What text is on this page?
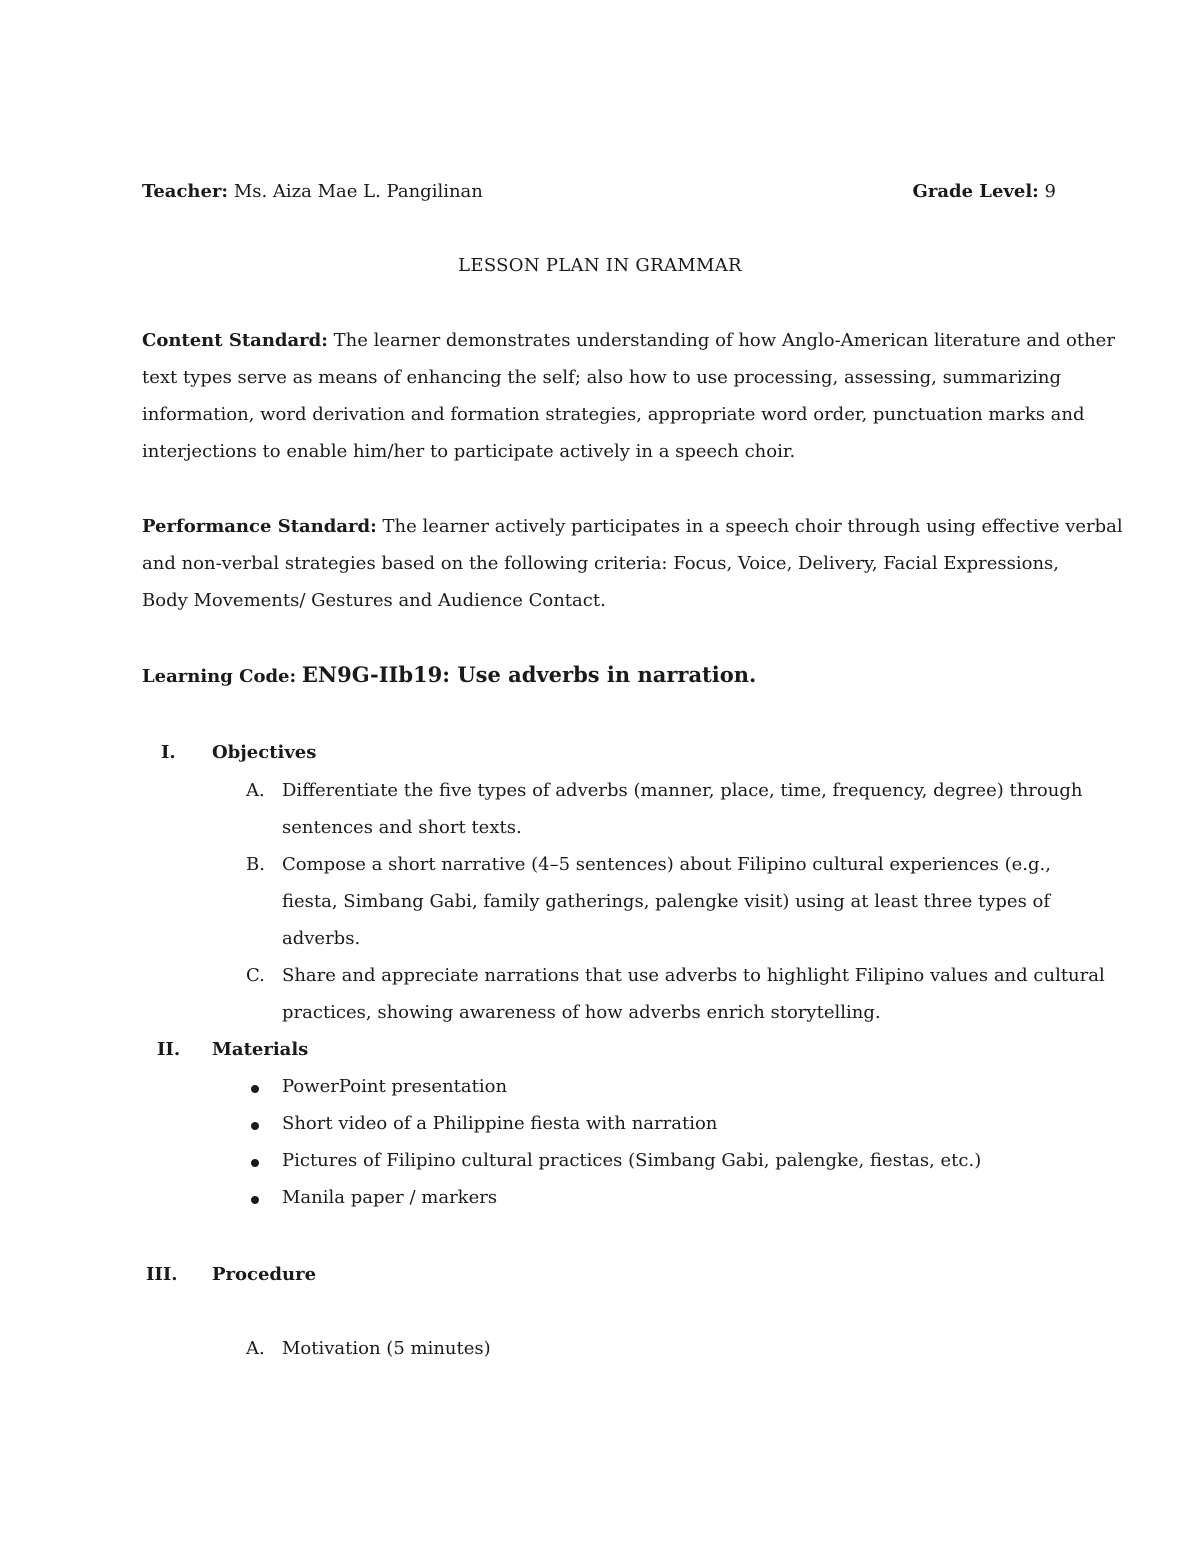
Teacher: Ms. Aiza Mae L. Pangilinan	Grade Level: 9
LESSON PLAN IN GRAMMAR
Content Standard: The learner demonstrates understanding of how Anglo-American literature and other
text types serve as means of enhancing the self; also how to use processing, assessing, summarizing
information, word derivation and formation strategies, appropriate word order, punctuation marks and
interjections to enable him/her to participate actively in a speech choir.
Performance Standard: The learner actively participates in a speech choir through using effective verbal
and non-verbal strategies based on the following criteria: Focus, Voice, Delivery, Facial Expressions,
Body Movements/ Gestures and Audience Contact.
Learning Code: EN9G-IIb19: Use adverbs in narration.
I. Objectives
A. Differentiate the five types of adverbs (manner, place, time, frequency, degree) through
sentences and short texts.
B. Compose a short narrative (4–5 sentences) about Filipino cultural experiences (e.g.,
fiesta, Simbang Gabi, family gatherings, palengke visit) using at least three types of
adverbs.
C. Share and appreciate narrations that use adverbs to highlight Filipino values and cultural
practices, showing awareness of how adverbs enrich storytelling.
II. Materials
PowerPoint presentation
Short video of a Philippine fiesta with narration
Pictures of Filipino cultural practices (Simbang Gabi, palengke, fiestas, etc.)
Manila paper / markers
III. Procedure
A. Motivation (5 minutes)
